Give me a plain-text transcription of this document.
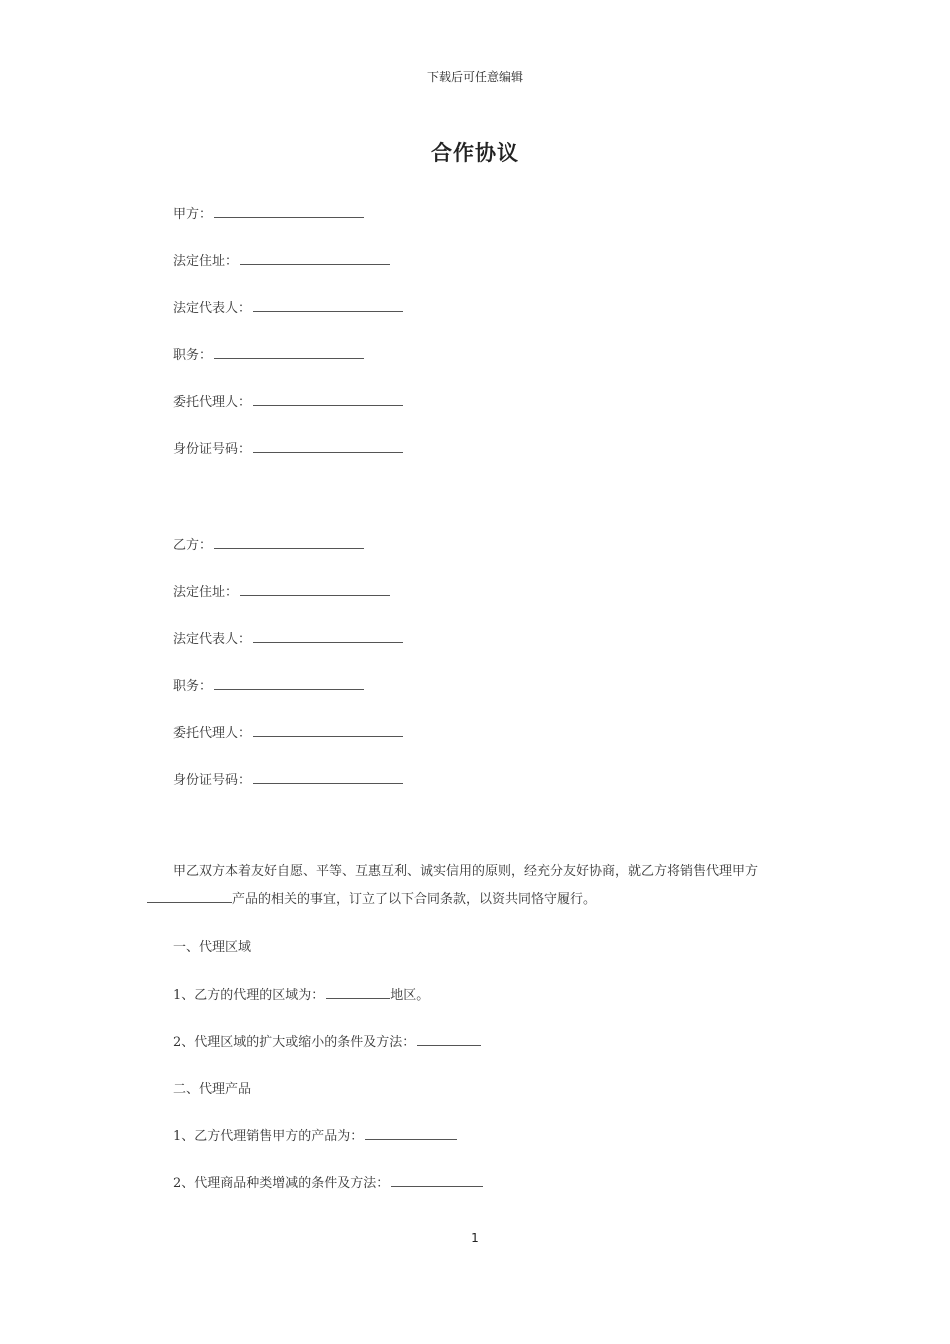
下载后可任意编辑
合作协议
甲方：
法定住址：
法定代表人：
职务：
委托代理人：
身份证号码：
乙方：
法定住址：
法定代表人：
职务：
委托代理人：
身份证号码：
甲乙双方本着友好自愿、平等、互惠互利、诚实信用的原则，经充分友好协商，就乙方将销售代理甲方产品的相关的事宜，订立了以下合同条款，以资共同恪守履行。
一、代理区域
1、乙方的代理的区域为：	地区。
2、代理区域的扩大或缩小的条件及方法：
二、代理产品
1、乙方代理销售甲方的产品为：
2、代理商品种类增减的条件及方法：
1
